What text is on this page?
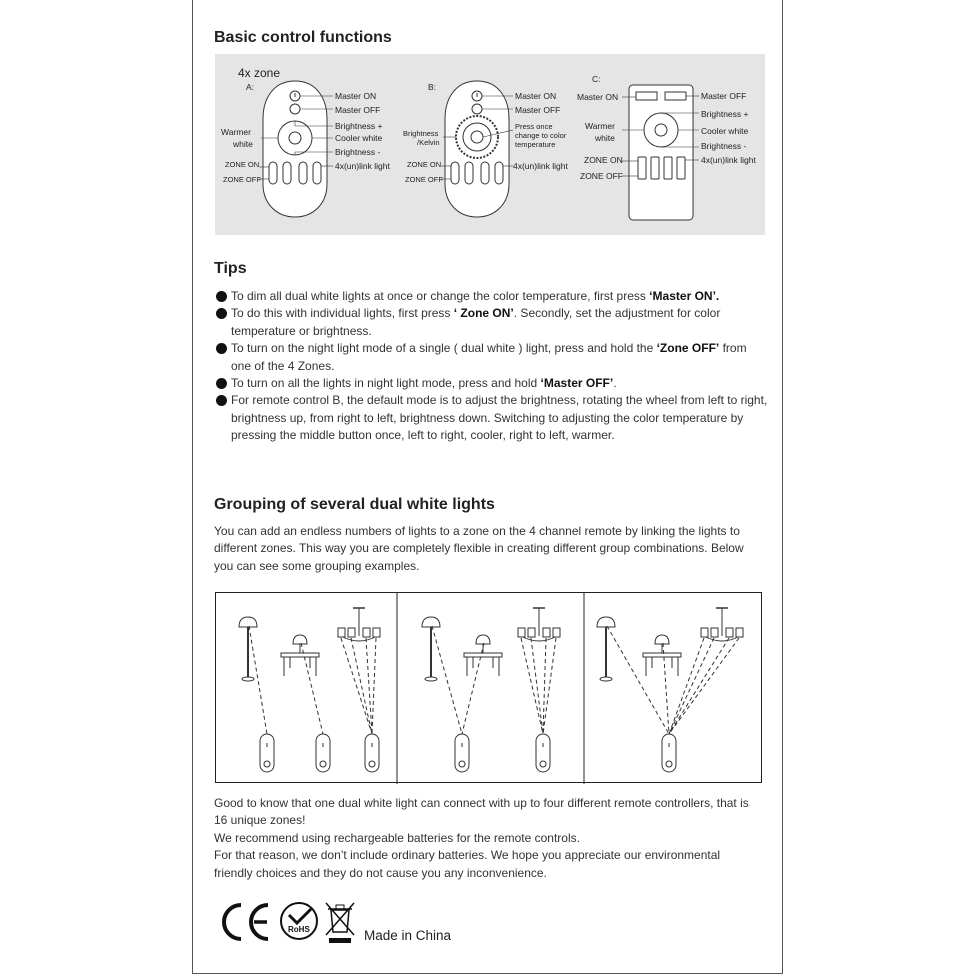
Basic control functions
4x zone
A:
Master ON
Master OFF
Brightness +
Cooler white
Brightness -
4x(un)link light
Warmer
white
ZONE ON
ZONE OFF
B:
Master ON
Master OFF
Press once
change to color
temperature
4x(un)link light
Brightness
/Kelvin
ZONE ON
ZONE OFF
C:
Master ON	Master OFF
Brightness +
Cooler white
Brightness -
4x(un)link light
Warmer
white
ZONE ON
ZONE OFF
Tips
To dim all dual white lights at once or change the color temperature, first press ‘Master ON’.
To do this with individual lights, first press ‘ Zone ON’. Secondly, set the adjustment for color temperature or brightness.
To turn on the night light mode of a single ( dual white ) light, press and hold the ‘Zone OFF’ from one of the 4 Zones.
To turn on all the lights in night light mode, press and hold ‘Master OFF’.
For remote control B, the default mode is to adjust the brightness, rotating the wheel from left to right, brightness up, from right to left, brightness down. Switching to adjusting the color temperature by pressing the middle button once, left to right, cooler, right to left, warmer.
Grouping of several dual white lights
You can add an endless numbers of lights to a zone on the 4 channel remote by linking the lights to different zones. This way you are completely flexible in creating different group combinations. Below you can see some grouping examples.
Good to know that one dual white light can connect with up to four different remote controllers, that is 16 unique zones!
We recommend using rechargeable batteries for the remote controls.
For that reason, we don’t include ordinary batteries. We hope you appreciate our environmental friendly choices and they do not cause you any inconvenience.
RoHS	Made in China
